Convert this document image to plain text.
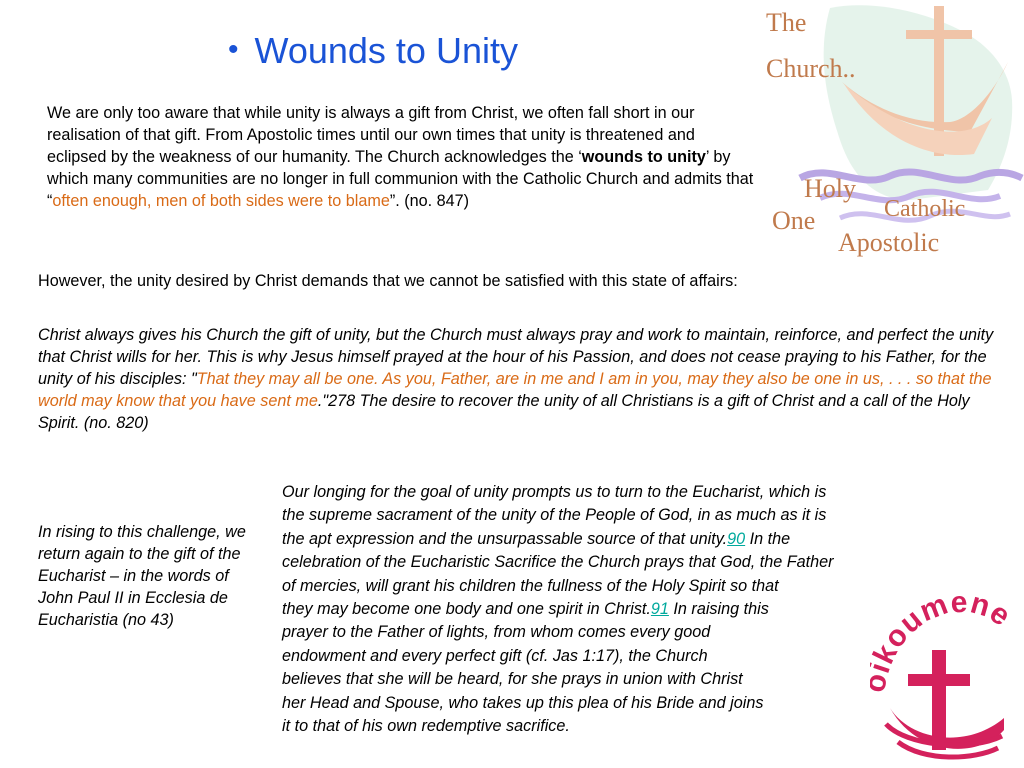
• Wounds to Unity
We are only too aware that while unity is always a gift from Christ, we often fall short in our realisation of that gift. From Apostolic times until our own times that unity is threatened and eclipsed by the weakness of our humanity. The Church acknowledges the ‘wounds to unity’ by which many communities are no longer in full communion with the Catholic Church and admits that “often enough, men of both sides were to blame”. (no. 847)
However, the unity desired by Christ demands that we cannot be satisfied with this state of affairs:
Christ always gives his Church the gift of unity, but the Church must always pray and work to maintain, reinforce, and perfect the unity that Christ wills for her. This is why Jesus himself prayed at the hour of his Passion, and does not cease praying to his Father, for the unity of his disciples: "That they may all be one. As you, Father, are in me and I am in you, may they also be one in us, . . . so that the world may know that you have sent me."278 The desire to recover the unity of all Christians is a gift of Christ and a call of the Holy Spirit. (no. 820)
In rising to this challenge, we return again to the gift of the Eucharist – in the words of John Paul II in Ecclesia de Eucharistia (no 43)
Our longing for the goal of unity prompts us to turn to the Eucharist, which is
the supreme sacrament of the unity of the People of God, in as much as it is
the apt expression and the unsurpassable source of that unity.90 In the
celebration of the Eucharistic Sacrifice the Church prays that God, the Father
of mercies, will grant his children the fullness of the Holy Spirit so that
they may become one body and one spirit in Christ.91 In raising this
prayer to the Father of lights, from whom comes every good
endowment and every perfect gift (cf. Jas 1:17), the Church
believes that she will be heard, for she prays in union with Christ
her Head and Spouse, who takes up this plea of his Bride and joins
it to that of his own redemptive sacrifice.
The
Church..
Holy
One	Catholic
Apostolic
koumene
